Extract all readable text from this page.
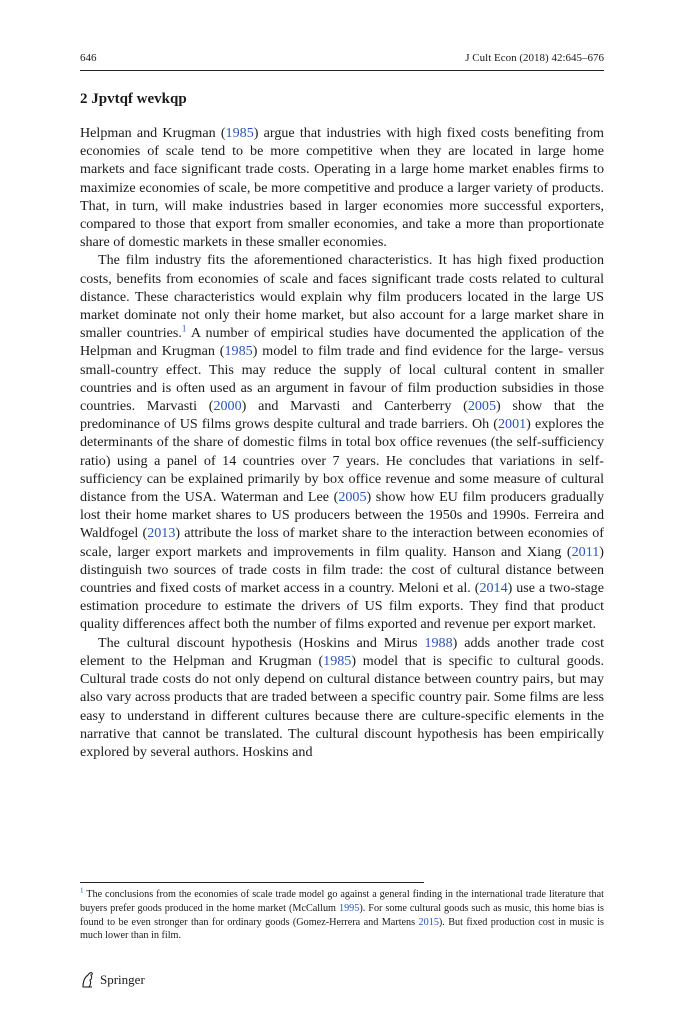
646	J Cult Econ (2018) 42:645–676
2 Jpvtqf wevkqp

Helpman and Krugman (1985) argue that industries with high fixed costs benefiting from economies of scale tend to be more competitive when they are located in large home markets and face significant trade costs. Operating in a large home market enables firms to maximize economies of scale, be more competitive and produce a larger variety of products. That, in turn, will make industries based in larger economies more successful exporters, compared to those that export from smaller economies, and take a more than proportionate share of domestic markets in these smaller economies.

The film industry fits the aforementioned characteristics. It has high fixed production costs, benefits from economies of scale and faces significant trade costs related to cultural distance. These characteristics would explain why film producers located in the large US market dominate not only their home market, but also account for a large market share in smaller countries.$^1$ A number of empirical studies have documented the application of the Helpman and Krugman (1985) model to film trade and find evidence for the large- versus small-country effect. This may reduce the supply of local cultural content in smaller countries and is often used as an argument in favour of film production subsidies in those countries. Marvasti (2000) and Marvasti and Canterberry (2005) show that the predominance of US films grows despite cultural and trade barriers. Oh (2001) explores the determinants of the share of domestic films in total box office revenues (the self-sufficiency ratio) using a panel of 14 countries over 7 years. He concludes that variations in self-sufficiency can be explained primarily by box office revenue and some measure of cultural distance from the USA. Waterman and Lee (2005) show how EU film producers gradually lost their home market shares to US producers between the 1950s and 1990s. Ferreira and Waldfogel (2013) attribute the loss of market share to the interaction between economies of scale, larger export markets and improvements in film quality. Hanson and Xiang (2011) distinguish two sources of trade costs in film trade: the cost of cultural distance between countries and fixed costs of market access in a country. Meloni et al. (2014) use a two-stage estimation procedure to estimate the drivers of US film exports. They find that product quality differences affect both the number of films exported and revenue per export market.

The cultural discount hypothesis (Hoskins and Mirus 1988) adds another trade cost element to the Helpman and Krugman (1985) model that is specific to cultural goods. Cultural trade costs do not only depend on cultural distance between country pairs, but may also vary across products that are traded between a specific country pair. Some films are less easy to understand in different cultures because there are culture-specific elements in the narrative that cannot be translated. The cultural discount hypothesis has been empirically explored by several authors. Hoskins and

$^1$ The conclusions from the economies of scale trade model go against a general finding in the international trade literature that buyers prefer goods produced in the home market (McCallum 1995). For some cultural goods such as music, this home bias is found to be even stronger than for ordinary goods (Gomez-Herrera and Martens 2015). But fixed production cost in music is much lower than in film.
Springer
